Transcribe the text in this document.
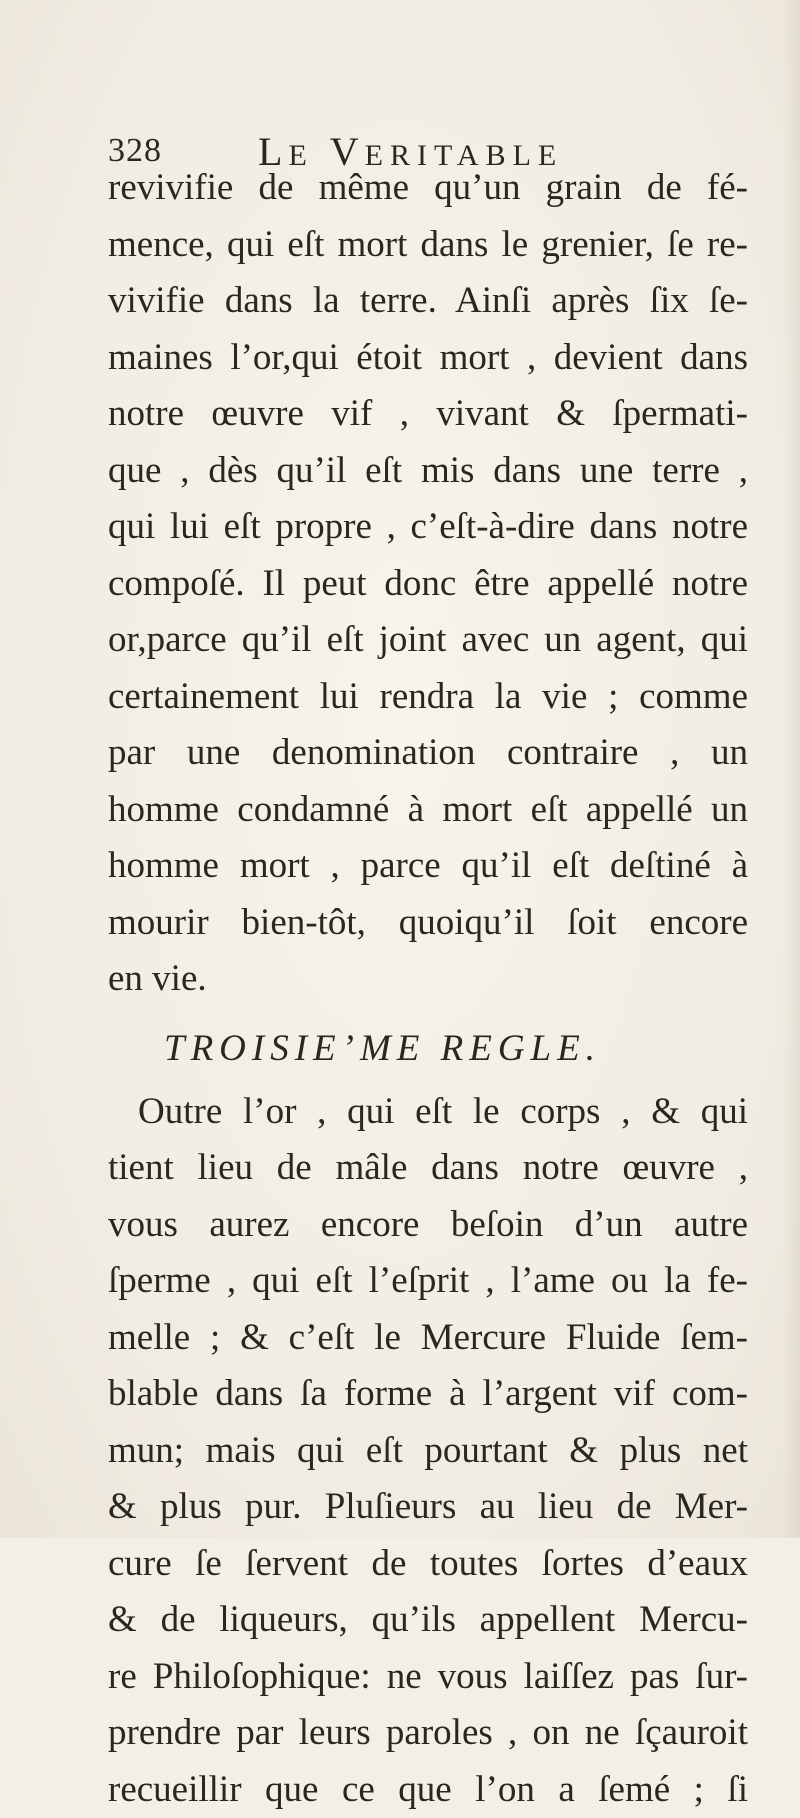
328 LE VERITABLE
revivifie de même qu’un grain de fé-
mence, qui eſt mort dans le grenier, ſe re-
vivifie dans la terre. Ainſi après ſix ſe-
maines l’or,qui étoit mort , devient dans
notre œuvre vif , vivant & ſpermati-
que , dès qu’il eſt mis dans une terre ,
qui lui eſt propre , c’eſt-à-dire dans notre
compoſé. Il peut donc être appellé notre
or,parce qu’il eſt joint avec un agent, qui
certainement lui rendra la vie ; comme
par une denomination contraire , un
homme condamné à mort eſt appellé un
homme mort , parce qu’il eſt deſtiné à
mourir bien-tôt, quoiqu’il ſoit encore
en vie.
TROISIE’ME REGLE.
Outre l’or , qui eſt le corps , & qui
tient lieu de mâle dans notre œuvre ,
vous aurez encore beſoin d’un autre
ſperme , qui eſt l’eſprit , l’ame ou la fe-
melle ; & c’eſt le Mercure Fluide ſem-
blable dans ſa forme à l’argent vif com-
mun; mais qui eſt pourtant & plus net
& plus pur. Pluſieurs au lieu de Mer-
cure ſe ſervent de toutes ſortes d’eaux
& de liqueurs, qu’ils appellent Mercu-
re Philoſophique: ne vous laiſſez pas ſur-
prendre par leurs paroles , on ne ſçauroit
recueillir que ce que l’on a ſemé ; ſi
